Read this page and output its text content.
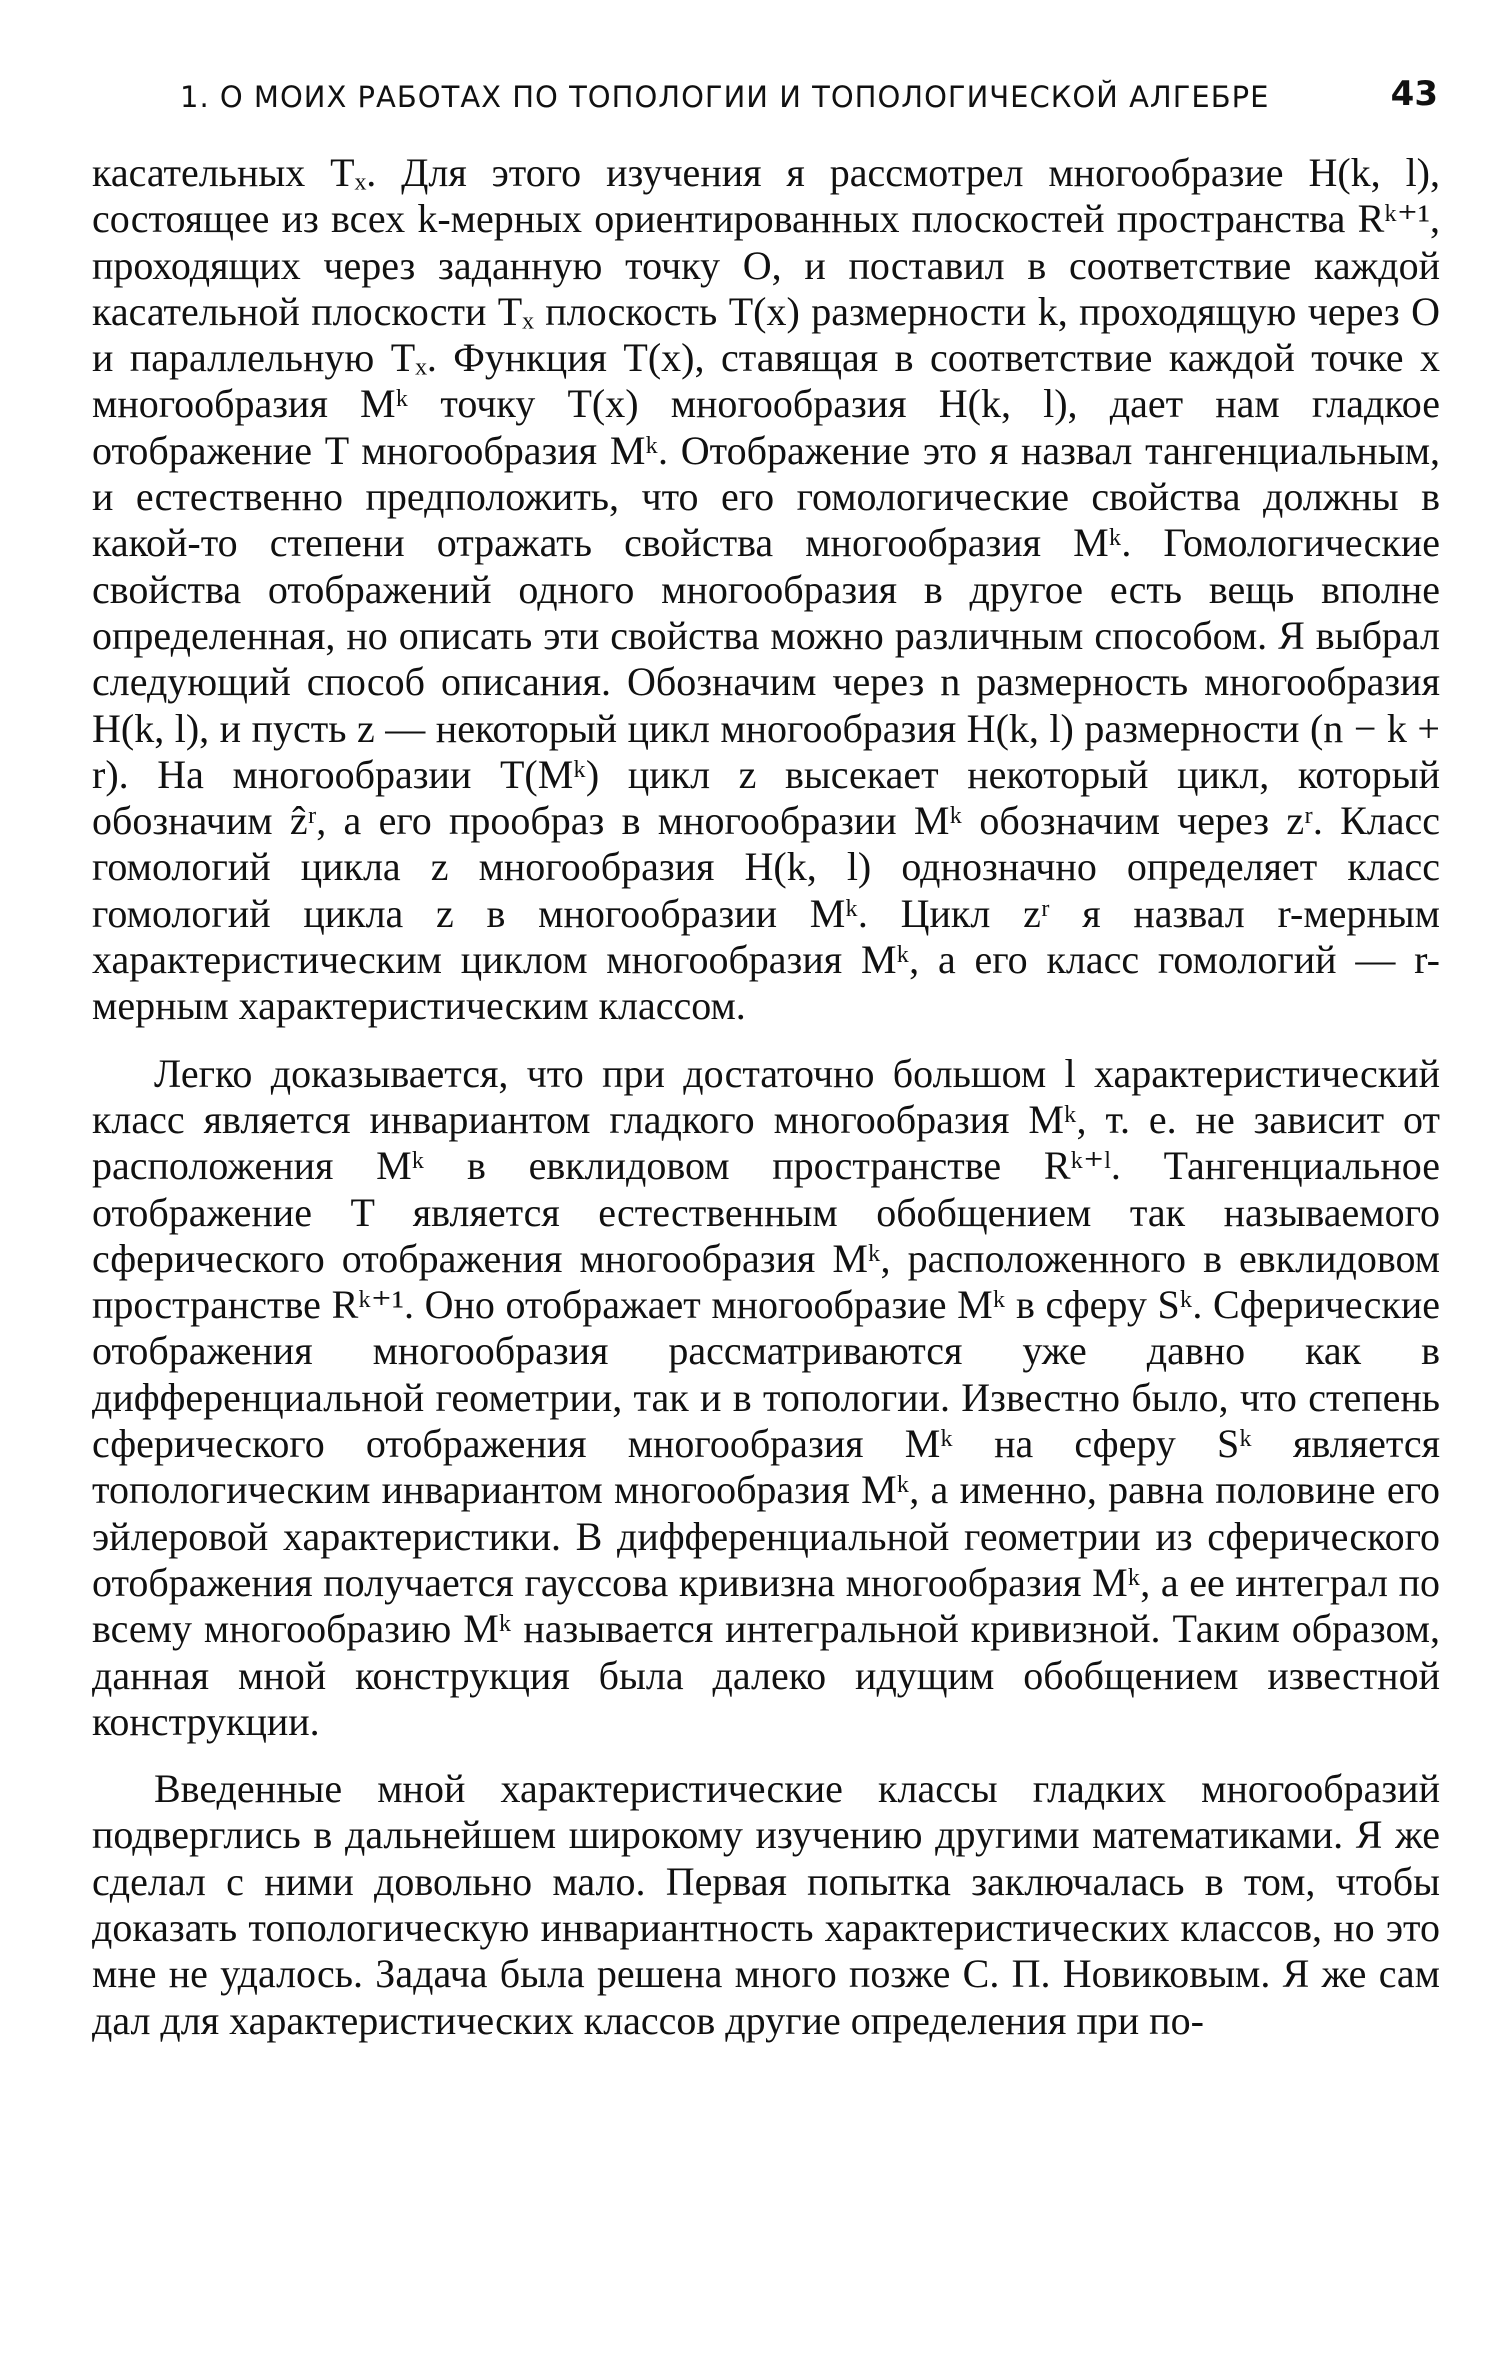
1. О МОИХ РАБОТАХ ПО ТОПОЛОГИИ И ТОПОЛОГИЧЕСКОЙ АЛГЕБРЕ	43

касательных Tₓ. Для этого изучения я рассмотрел многообразие H(k, l), состоящее из всех k-мерных ориентированных плоскостей пространства Rᵏ⁺¹, проходящих через заданную точку O, и поставил в соответствие каждой касательной плоскости Tₓ плоскость T(x) размерности k, проходящую через O и параллельную Tₓ. Функция T(x), ставящая в соответствие каждой точке x многообразия Mᵏ точку T(x) многообразия H(k, l), дает нам гладкое отображение T многообразия Mᵏ. Отображение это я назвал тангенциальным, и естественно предположить, что его гомологические свойства должны в какой-то степени отражать свойства многообразия Mᵏ. Гомологические свойства отображений одного многообразия в другое есть вещь вполне определенная, но описать эти свойства можно различным способом. Я выбрал следующий способ описания. Обозначим через n размерность многообразия H(k, l), и пусть z — некоторый цикл многообразия H(k, l) размерности (n − k + r). На многообразии T(Mᵏ) цикл z высекает некоторый цикл, который обозначим ẑʳ, а его прообраз в многообразии Mᵏ обозначим через zʳ. Класс гомологий цикла z многообразия H(k, l) однозначно определяет класс гомологий цикла z в многообразии Mᵏ. Цикл zʳ я назвал r-мерным характеристическим циклом многообразия Mᵏ, а его класс гомологий — r-мерным характеристическим классом.

Легко доказывается, что при достаточно большом l характеристический класс является инвариантом гладкого многообразия Mᵏ, т. е. не зависит от расположения Mᵏ в евклидовом пространстве Rᵏ⁺ˡ. Тангенциальное отображение T является естественным обобщением так называемого сферического отображения многообразия Mᵏ, расположенного в евклидовом пространстве Rᵏ⁺¹. Оно отображает многообразие Mᵏ в сферу Sᵏ. Сферические отображения многообразия рассматриваются уже давно как в дифференциальной геометрии, так и в топологии. Известно было, что степень сферического отображения многообразия Mᵏ на сферу Sᵏ является топологическим инвариантом многообразия Mᵏ, а именно, равна половине его эйлеровой характеристики. В дифференциальной геометрии из сферического отображения получается гауссова кривизна многообразия Mᵏ, а ее интеграл по всему многообразию Mᵏ называется интегральной кривизной. Таким образом, данная мной конструкция была далеко идущим обобщением известной конструкции.

Введенные мной характеристические классы гладких многообразий подверглись в дальнейшем широкому изучению другими математиками. Я же сделал с ними довольно мало. Первая попытка заключалась в том, чтобы доказать топологическую инвариантность характеристических классов, но это мне не удалось. Задача была решена много позже С. П. Новиковым. Я же сам дал для характеристических классов другие определения при по-
